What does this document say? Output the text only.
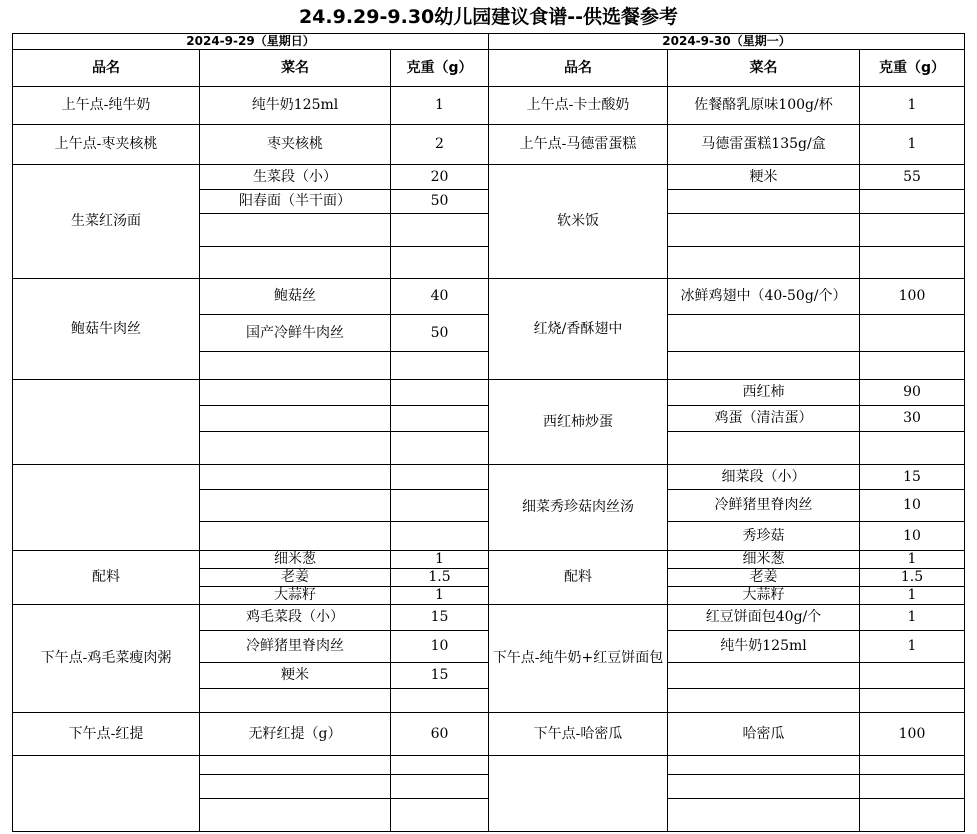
24.9.29-9.30幼儿园建议食谱--供选餐参考
2024-9-29（星期日）
品名	菜名	克重（g）
上午点-纯牛奶	纯牛奶125ml	1
上午点-枣夹核桃	枣夹核桃	2
生菜红汤面
生菜段（小）	20
阳春面（半干面）	50
鲍菇牛肉丝
鲍菇丝	40
国产冷鲜牛肉丝	50
配料
细米葱	1
老姜	1.5
大蒜籽	1
下午点-鸡毛菜瘦肉粥
鸡毛菜段（小）	15
冷鲜猪里脊肉丝	10
粳米	15
下午点-红提	无籽红提（g）	60
2024-9-30（星期一）
品名	菜名	克重（g）
上午点-卡士酸奶	佐餐酪乳原味100g/杯	1
上午点-马德雷蛋糕	马德雷蛋糕135g/盒	1
软米饭
粳米	55
红烧/香酥翅中
冰鲜鸡翅中（40-50g/个）	100
西红柿炒蛋
西红柿	90
鸡蛋（清洁蛋）	30
细菜秀珍菇肉丝汤
细菜段（小）	15
冷鲜猪里脊肉丝	10
秀珍菇	10
配料
细米葱	1
老姜	1.5
大蒜籽	1
下午点-纯牛奶+红豆饼面包
红豆饼面包40g/个	1
纯牛奶125ml	1
下午点-哈密瓜	哈密瓜	100
